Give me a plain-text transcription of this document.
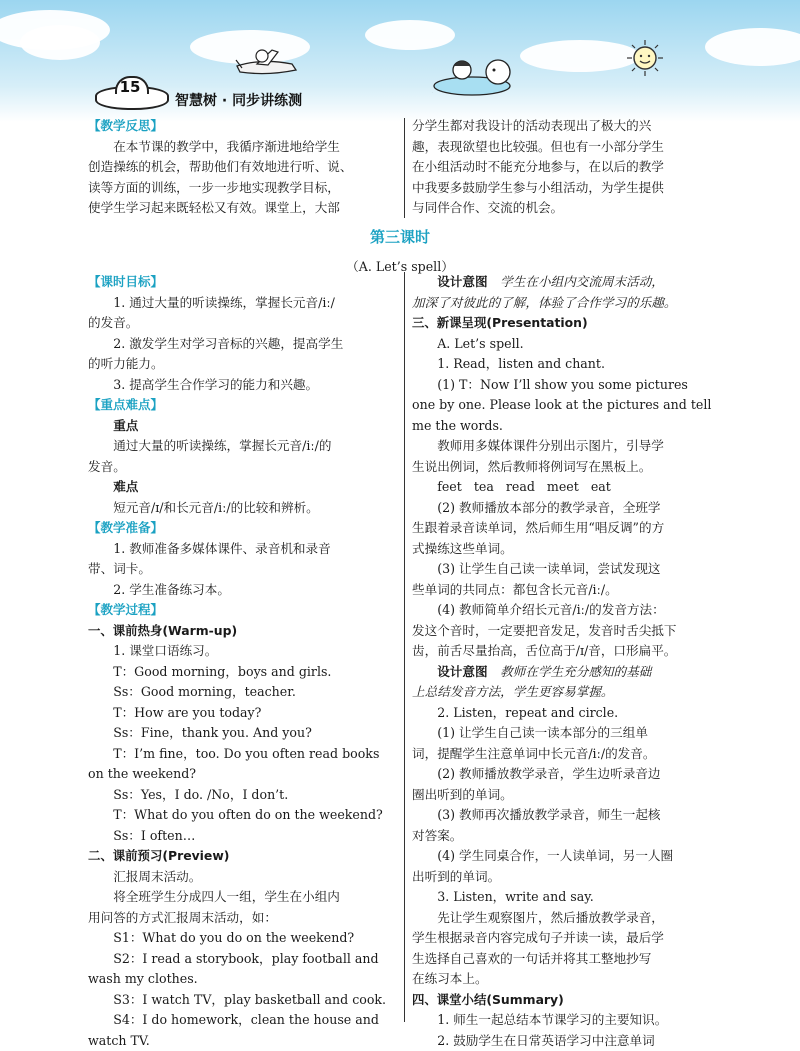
15
智慧树 · 同步讲练测

【教学反思】

在本节课的教学中，我循序渐进地给学生

创造操练的机会，帮助他们有效地进行听、说、

读等方面的训练，一步一步地实现教学目标，

使学生学习起来既轻松又有效。课堂上，大部

分学生都对我设计的活动表现出了极大的兴

趣，表现欲望也比较强。但也有一小部分学生

在小组活动时不能充分地参与，在以后的教学

中我要多鼓励学生参与小组活动，为学生提供

与同伴合作、交流的机会。

第三课时
（A. Let’s spell）

【课时目标】

1. 通过大量的听读操练，掌握长元音/iː/

的发音。

2. 激发学生对学习音标的兴趣，提高学生

的听力能力。

3. 提高学生合作学习的能力和兴趣。

【重点难点】

重点

通过大量的听读操练，掌握长元音/iː/的

发音。

难点

短元音/ɪ/和长元音/iː/的比较和辨析。

【教学准备】

1. 教师准备多媒体课件、录音机和录音

带、词卡。

2. 学生准备练习本。

【教学过程】

一、课前热身(Warm-up)

1. 课堂口语练习。

T：Good morning，boys and girls.

Ss：Good morning，teacher.

T：How are you today?

Ss：Fine，thank you. And you?

T：I’m fine，too. Do you often read books

on the weekend?

Ss：Yes，I do. /No，I don’t.

T：What do you often do on the weekend?

Ss：I often…

二、课前预习(Preview)

汇报周末活动。

将全班学生分成四人一组，学生在小组内

用问答的方式汇报周末活动，如：

S1：What do you do on the weekend?

S2：I read a storybook，play football and

wash my clothes.

S3：I watch TV，play basketball and cook.

S4：I do homework，clean the house and

watch TV.

设计意图  学生在小组内交流周末活动，

加深了对彼此的了解，体验了合作学习的乐趣。

三、新课呈现(Presentation)

A. Let’s spell.

1. Read，listen and chant.

(1) T：Now I’ll show you some pictures

one by one. Please look at the pictures and tell

me the words.

教师用多媒体课件分别出示图片，引导学

生说出例词，然后教师将例词写在黑板上。

feet   tea   read   meet   eat

(2) 教师播放本部分的教学录音，全班学

生跟着录音读单词，然后师生用“唱反调”的方

式操练这些单词。

(3) 让学生自己读一读单词，尝试发现这

些单词的共同点：都包含长元音/iː/。

(4) 教师简单介绍长元音/iː/的发音方法：

发这个音时，一定要把音发足，发音时舌尖抵下

齿，前舌尽量抬高，舌位高于/ɪ/音，口形扁平。

设计意图  教师在学生充分感知的基础

上总结发音方法，学生更容易掌握。

2. Listen，repeat and circle.

(1) 让学生自己读一读本部分的三组单

词，提醒学生注意单词中长元音/iː/的发音。

(2) 教师播放教学录音，学生边听录音边

圈出听到的单词。

(3) 教师再次播放教学录音，师生一起核

对答案。

(4) 学生同桌合作，一人读单词，另一人圈

出听到的单词。

3. Listen，write and say.

先让学生观察图片，然后播放教学录音，

学生根据录音内容完成句子并读一读，最后学

生选择自己喜欢的一句话并将其工整地抄写

在练习本上。

四、课堂小结(Summary)

1. 师生一起总结本节课学习的主要知识。

2. 鼓励学生在日常英语学习中注意单词
